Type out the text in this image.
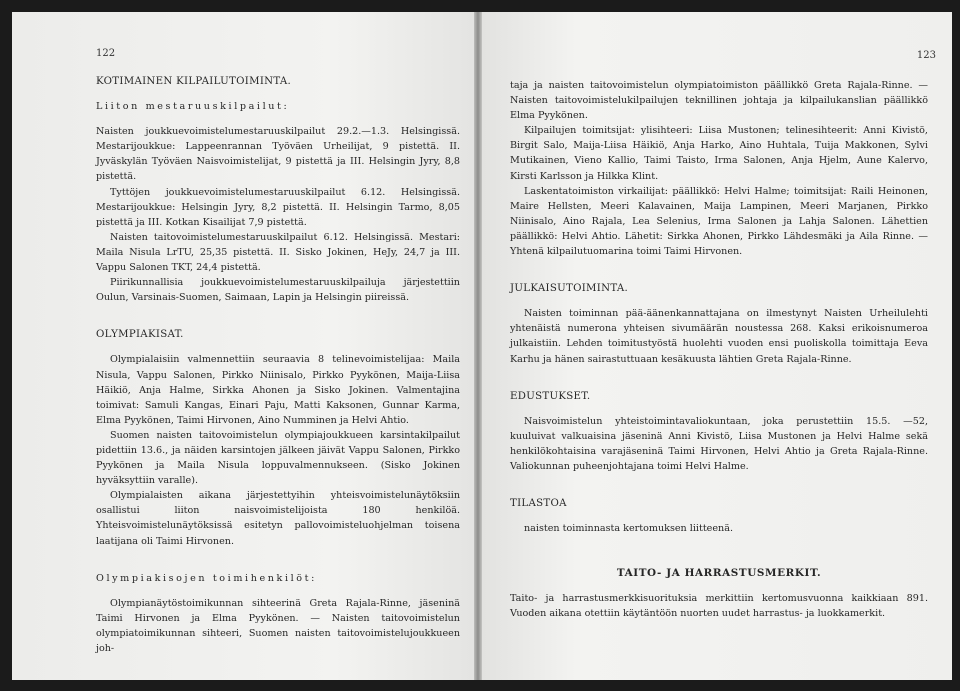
122

KOTIMAINEN KILPAILUTOIMINTA.

Liiton mestaruuskilpailut:

Naisten joukkuevoimistelumestaruuskilpailut 29.2.—1.3. Helsingissä. Mestarijoukkue: Lappeenrannan Työväen Urheilijat, 9 pistettä. II. Jyväskylän Työväen Naisvoimistelijat, 9 pistettä ja III. Helsingin Jyry, 8,8 pistettä.

Tyttöjen joukkuevoimistelumestaruuskilpailut 6.12. Helsingissä. Mestarijoukkue: Helsingin Jyry, 8,2 pistettä. II. Helsingin Tarmo, 8,05 pistettä ja III. Kotkan Kisailijat 7,9 pistettä.

Naisten taitovoimistelumestaruuskilpailut 6.12. Helsingissä. Mestari: Maila Nisula LrTU, 25,35 pistettä. II. Sisko Jokinen, HeJy, 24,7 ja III. Vappu Salonen TKT, 24,4 pistettä.

Piirikunnallisia joukkuevoimistelumestaruuskilpailuja järjestettiin Oulun, Varsinais-Suomen, Saimaan, Lapin ja Helsingin piireissä.

OLYMPIAKISAT.

Olympialaisiin valmennettiin seuraavia 8 telinevoimistelijaa: Maila Nisula, Vappu Salonen, Pirkko Niinisalo, Pirkko Pyykönen, Maija-Liisa Häikiö, Anja Halme, Sirkka Ahonen ja Sisko Jokinen. Valmentajina toimivat: Samuli Kangas, Einari Paju, Matti Kaksonen, Gunnar Karma, Elma Pyykönen, Taimi Hirvonen, Aino Numminen ja Helvi Ahtio.

Suomen naisten taitovoimistelun olympiajoukkueen karsintakilpailut pidettiin 13.6., ja näiden karsintojen jälkeen jäivät Vappu Salonen, Pirkko Pyykönen ja Maila Nisula loppuvalmennukseen. (Sisko Jokinen hyväksyttiin varalle).

Olympialaisten aikana järjestettyihin yhteisvoimistelunäytöksiin osallistui liiton naisvoimistelijoista 180 henkilöä. Yhteisvoimistelunäytöksissä esitetyn pallovoimisteluohjelman toisena laatijana oli Taimi Hirvonen.

Olympiakisojen toimihenkilöt:

Olympianäytöstoimikunnan sihteerinä Greta Rajala-Rinne, jäseninä Taimi Hirvonen ja Elma Pyykönen. — Naisten taitovoimistelun olympiatoimikunnan sihteeri, Suomen naisten taitovoimistelujoukkueen joh-

123

taja ja naisten taitovoimistelun olympiatoimiston päällikkö Greta Rajala-Rinne. — Naisten taitovoimistelukilpailujen teknillinen johtaja ja kilpailukanslian päällikkö Elma Pyykönen.

Kilpailujen toimitsijat: ylisihteeri: Liisa Mustonen; telinesihteerit: Anni Kivistö, Birgit Salo, Maija-Liisa Häikiö, Anja Harko, Aino Huhtala, Tuija Makkonen, Sylvi Mutikainen, Vieno Kallio, Taimi Taisto, Irma Salonen, Anja Hjelm, Aune Kalervo, Kirsti Karlsson ja Hilkka Klint.

Laskentatoimiston virkailijat: päällikkö: Helvi Halme; toimitsijat: Raili Heinonen, Maire Hellsten, Meeri Kalavainen, Maija Lampinen, Meeri Marjanen, Pirkko Niinisalo, Aino Rajala, Lea Selenius, Irma Salonen ja Lahja Salonen. Lähettien päällikkö: Helvi Ahtio. Lähetit: Sirkka Ahonen, Pirkko Lähdesmäki ja Aila Rinne. — Yhtenä kilpailutuomarina toimi Taimi Hirvonen.

JULKAISUTOIMINTA.

Naisten toiminnan pää-äänenkannattajana on ilmestynyt Naisten Urheilulehti yhtenäistä numerona yhteisen sivumäärän noustessa 268. Kaksi erikoisnumeroa julkaistiin. Lehden toimitustyöstä huolehti vuoden ensi puoliskolla toimittaja Eeva Karhu ja hänen sairastuttuaan kesäkuusta lähtien Greta Rajala-Rinne.

EDUSTUKSET.

Naisvoimistelun yhteistoimintavaliokuntaan, joka perustettiin 15.5. —52, kuuluivat valkuaisina jäseninä Anni Kivistö, Liisa Mustonen ja Helvi Halme sekä henkilökohtaisina varajäseninä Taimi Hirvonen, Helvi Ahtio ja Greta Rajala-Rinne. Valiokunnan puheenjohtajana toimi Helvi Halme.

TILASTOA

naisten toiminnasta kertomuksen liitteenä.

TAITO- JA HARRASTUSMERKIT.

Taito- ja harrastusmerkkisuorituksia merkittiin kertomusvuonna kaikkiaan 891. Vuoden aikana otettiin käytäntöön nuorten uudet harrastus- ja luokkamerkit.
